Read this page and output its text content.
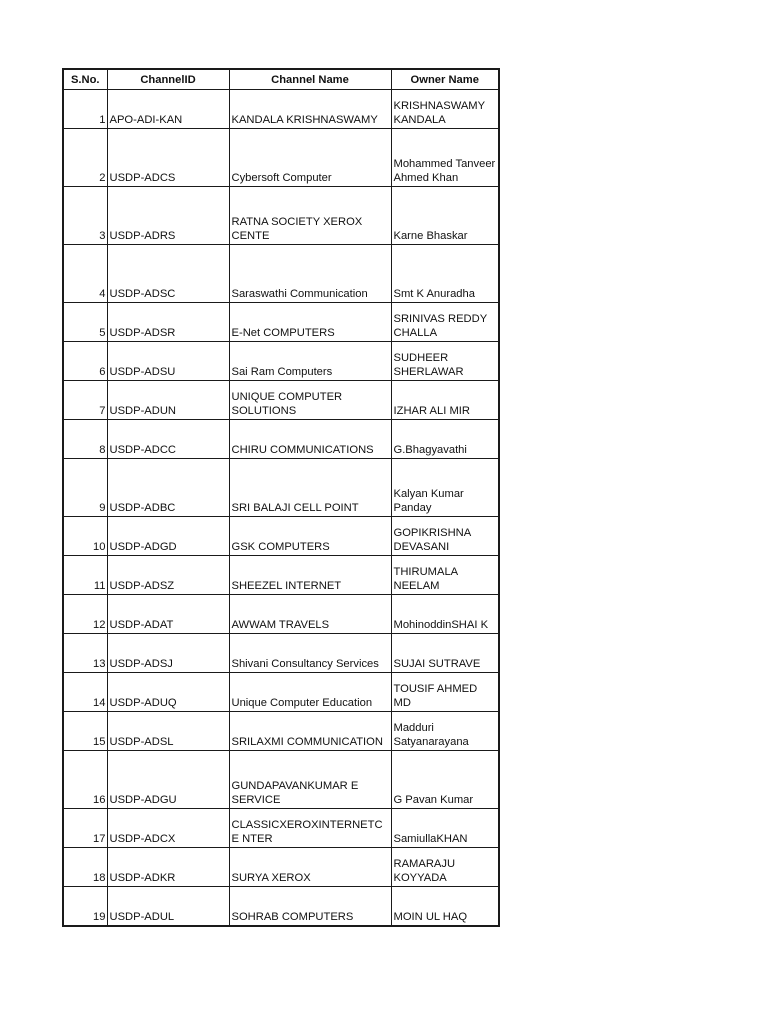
S.No.	ChannelID	Channel Name	Owner Name
1	APO-ADI-KAN	KANDALA KRISHNASWAMY	KRISHNASWAMY KANDALA
2	USDP-ADCS	Cybersoft Computer	Mohammed Tanveer Ahmed Khan
3	USDP-ADRS	RATNA SOCIETY XEROX CENTE	Karne Bhaskar
4	USDP-ADSC	Saraswathi Communication	Smt K Anuradha
5	USDP-ADSR	E-Net COMPUTERS	SRINIVAS REDDY CHALLA
6	USDP-ADSU	Sai Ram Computers	SUDHEER SHERLAWAR
7	USDP-ADUN	UNIQUE COMPUTER SOLUTIONS	IZHAR ALI MIR
8	USDP-ADCC	CHIRU COMMUNICATIONS	G.Bhagyavathi
9	USDP-ADBC	SRI BALAJI CELL POINT	Kalyan Kumar Panday
10	USDP-ADGD	GSK COMPUTERS	GOPIKRISHNA DEVASANI
11	USDP-ADSZ	SHEEZEL INTERNET	THIRUMALA NEELAM
12	USDP-ADAT	AWWAM TRAVELS	MohinoddinSHAI K
13	USDP-ADSJ	Shivani Consultancy Services	SUJAI SUTRAVE
14	USDP-ADUQ	Unique Computer Education	TOUSIF AHMED MD
15	USDP-ADSL	SRILAXMI COMMUNICATION	Madduri Satyanarayana
16	USDP-ADGU	GUNDAPAVANKUMAR E SERVICE	G Pavan Kumar
17	USDP-ADCX	CLASSICXEROXINTERNETCE NTER	SamiullaKHAN
18	USDP-ADKR	SURYA XEROX	RAMARAJU KOYYADA
19	USDP-ADUL	SOHRAB COMPUTERS	MOIN UL HAQ
